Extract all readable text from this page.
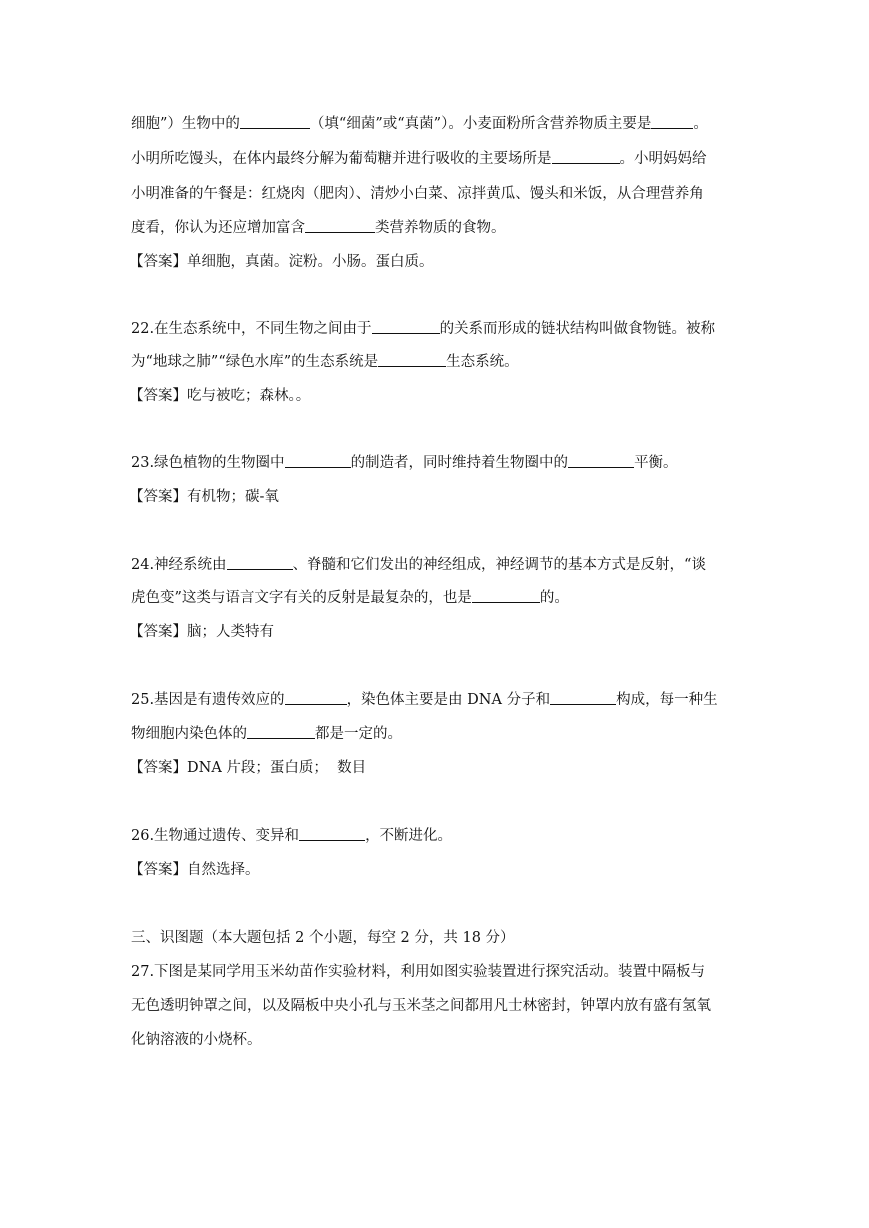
细胞”）生物中的	（填“细菌”或“真菌”）。小麦面粉所含营养物质主要是	。

小明所吃馒头，在体内最终分解为葡萄糖并进行吸收的主要场所是	。小明妈妈给

小明准备的午餐是：红烧肉（肥肉）、清炒小白菜、凉拌黄瓜、馒头和米饭，从合理营养角

度看，你认为还应增加富含	类营养物质的食物。

【答案】单细胞，真菌。淀粉。小肠。蛋白质。

22.在生态系统中，不同生物之间由于	的关系而形成的链状结构叫做食物链。被称

为“地球之肺”“绿色水库”的生态系统是	生态系统。

【答案】吃与被吃；森林。。

23.绿色植物的生物圈中	的制造者，同时维持着生物圈中的	平衡。

【答案】有机物；碳-氧

24.神经系统由	、脊髓和它们发出的神经组成，神经调节的基本方式是反射，“谈

虎色变”这类与语言文字有关的反射是最复杂的，也是	的。

【答案】脑；人类特有

25.基因是有遗传效应的	，染色体主要是由 DNA 分子和	构成，每一种生

物细胞内染色体的	都是一定的。

【答案】DNA 片段；蛋白质；  数目

26.生物通过遗传、变异和	，不断进化。

【答案】自然选择。

三、识图题（本大题包括 2 个小题，每空 2 分，共 18 分）

27.下图是某同学用玉米幼苗作实验材料，利用如图实验装置进行探究活动。装置中隔板与

无色透明钟罩之间，以及隔板中央小孔与玉米茎之间都用凡士林密封，钟罩内放有盛有氢氧

化钠溶液的小烧杯。
